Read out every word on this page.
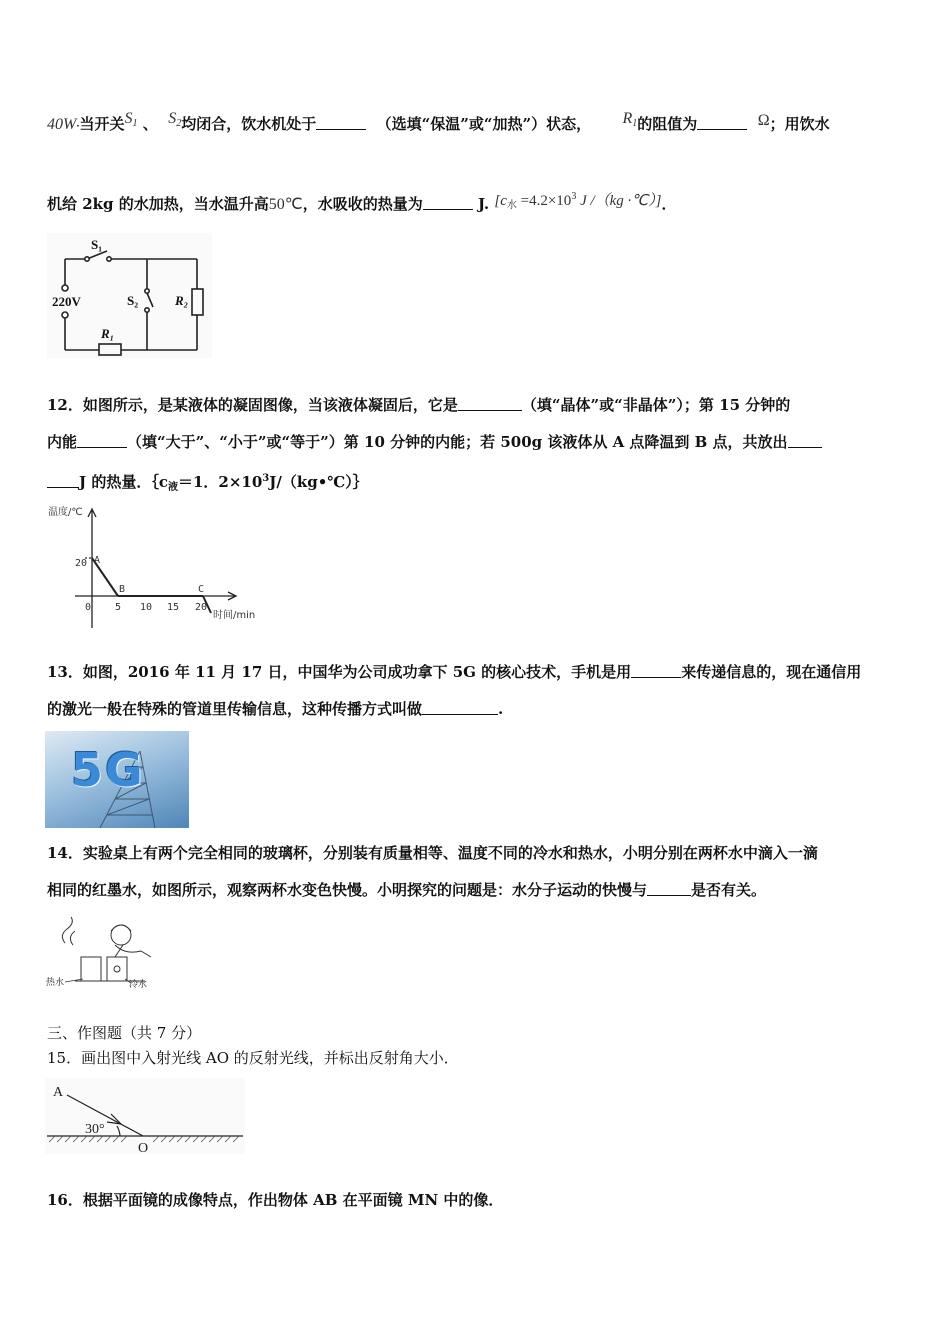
40W·当开关$S_1$ 、 $S_2$均闭合，饮水机处于	（选填“保温”或“加热”）状态， $R_1$的阻值为	Ω；用饮水
机给 2kg 的水加热，当水温升高50℃，水吸收的热量为	J. [$c_水 =4.2\times 10^3$ J /（kg ·℃）]．
S₁
220V	S₂	R₂
R₁
12．如图所示，是某液体的凝固图像，当该液体凝固后，它是	（填“晶体”或“非晶体”）；第 15 分钟的
内能	（填“大于”、“小于”或“等于”）第 10 分钟的内能；若 500g 该液体从 A 点降温到 B 点，共放出
J 的热量．$\{c_液=1$．$2\times 10^3J/(kg•℃)\}$
温度/℃
20 A
B	C
0 5 10 15 20
时间/min
13．如图，2016 年 11 月 17 日，中国华为公司成功拿下 5G 的核心技术，手机是用	来传递信息的，现在通信用
的激光一般在特殊的管道里传输信息，这种传播方式叫做	.
5G
14．实验桌上有两个完全相同的玻璃杯，分别装有质量相等、温度不同的冷水和热水，小明分别在两杯水中滴入一滴
相同的红墨水，如图所示，观察两杯水变色快慢。小明探究的问题是：水分子运动的快慢与	是否有关。
热水	冷水
三、作图题（共 7 分）
15．画出图中入射光线 AO 的反射光线，并标出反射角大小．
A
O
30°
16．根据平面镜的成像特点，作出物体 AB 在平面镜 MN 中的像．
